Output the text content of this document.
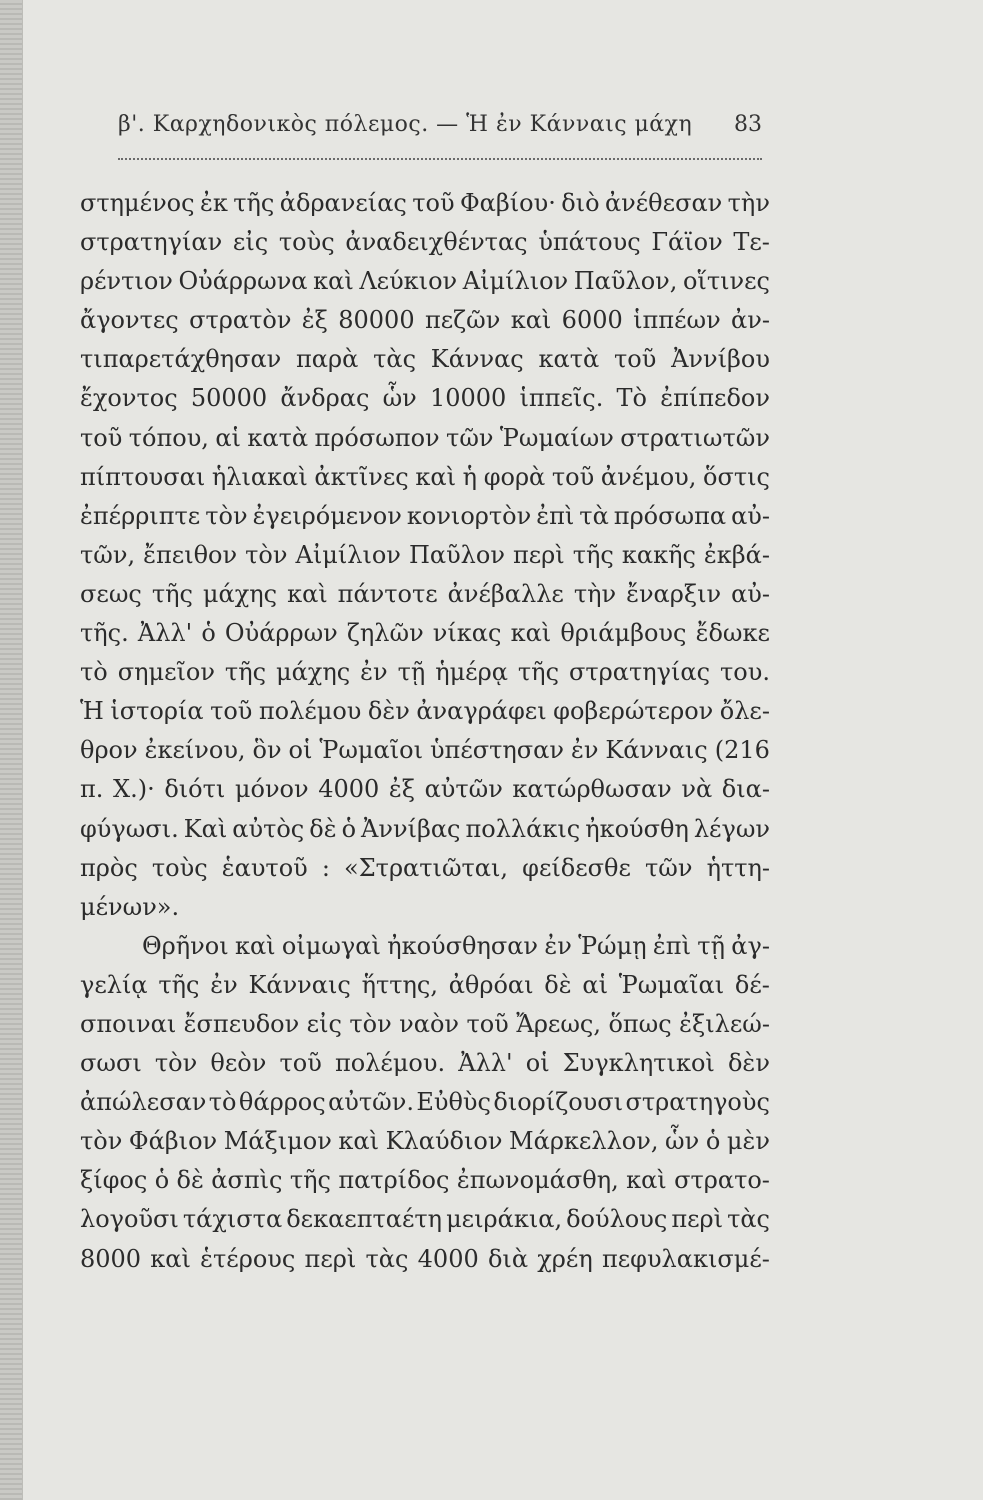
β'. Καρχηδονικὸς πόλεμος. — Ἡ ἐν Κάνναις μάχη 83
στημένος ἐκ τῆς ἀδρανείας τοῦ Φαβίου· διὸ ἀνέθεσαν τὴν
στρατηγίαν εἰς τοὺς ἀναδειχθέντας ὑπάτους Γάϊον Τε-
ρέντιον Οὐάρρωνα καὶ Λεύκιον Αἰμίλιον Παῦλον, οἵτινες
ἄγοντες στρατὸν ἐξ 80000 πεζῶν καὶ 6000 ἱππέων ἀν-
τιπαρετάχθησαν παρὰ τὰς Κάννας κατὰ τοῦ Ἀννίβου
ἔχοντος 50000 ἄνδρας ὧν 10000 ἱππεῖς. Τὸ ἐπίπεδον
τοῦ τόπου, αἱ κατὰ πρόσωπον τῶν Ῥωμαίων στρατιωτῶν
πίπτουσαι ἡλιακαὶ ἀκτῖνες καὶ ἡ φορὰ τοῦ ἀνέμου, ὅστις
ἐπέρριπτε τὸν ἐγειρόμενον κονιορτὸν ἐπὶ τὰ πρόσωπα αὐ-
τῶν, ἔπειθον τὸν Αἰμίλιον Παῦλον περὶ τῆς κακῆς ἐκβά-
σεως τῆς μάχης καὶ πάντοτε ἀνέβαλλε τὴν ἔναρξιν αὐ-
τῆς. Ἀλλ' ὁ Οὐάρρων ζηλῶν νίκας καὶ θριάμβους ἔδωκε
τὸ σημεῖον τῆς μάχης ἐν τῇ ἡμέρᾳ τῆς στρατηγίας του.
Ἡ ἱστορία τοῦ πολέμου δὲν ἀναγράφει φοβερώτερον ὄλε-
θρον ἐκείνου, ὃν οἱ Ῥωμαῖοι ὑπέστησαν ἐν Κάνναις (216
π. Χ.)· διότι μόνον 4000 ἐξ αὐτῶν κατώρθωσαν νὰ δια-
φύγωσι. Καὶ αὐτὸς δὲ ὁ Ἀννίβας πολλάκις ἠκούσθη λέγων
πρὸς τοὺς ἑαυτοῦ : «Στρατιῶται, φείδεσθε τῶν ἡττη-
μένων».
Θρῆνοι καὶ οἰμωγαὶ ἠκούσθησαν ἐν Ῥώμῃ ἐπὶ τῇ ἀγ-
γελίᾳ τῆς ἐν Κάνναις ἥττης, ἀθρόαι δὲ αἱ Ῥωμαῖαι δέ-
σποιναι ἔσπευδον εἰς τὸν ναὸν τοῦ Ἄρεως, ὅπως ἐξιλεώ-
σωσι τὸν θεὸν τοῦ πολέμου. Ἀλλ' οἱ Συγκλητικοὶ δὲν
ἀπώλεσαν τὸ θάρρος αὐτῶν. Εὐθὺς διορίζουσι στρατηγοὺς
τὸν Φάβιον Μάξιμον καὶ Κλαύδιον Μάρκελλον, ὧν ὁ μὲν
ξίφος ὁ δὲ ἀσπὶς τῆς πατρίδος ἐπωνομάσθη, καὶ στρατο-
λογοῦσι τάχιστα δεκαεπταέτη μειράκια, δούλους περὶ τὰς
8000 καὶ ἑτέρους περὶ τὰς 4000 διὰ χρέη πεφυλακισμέ-
